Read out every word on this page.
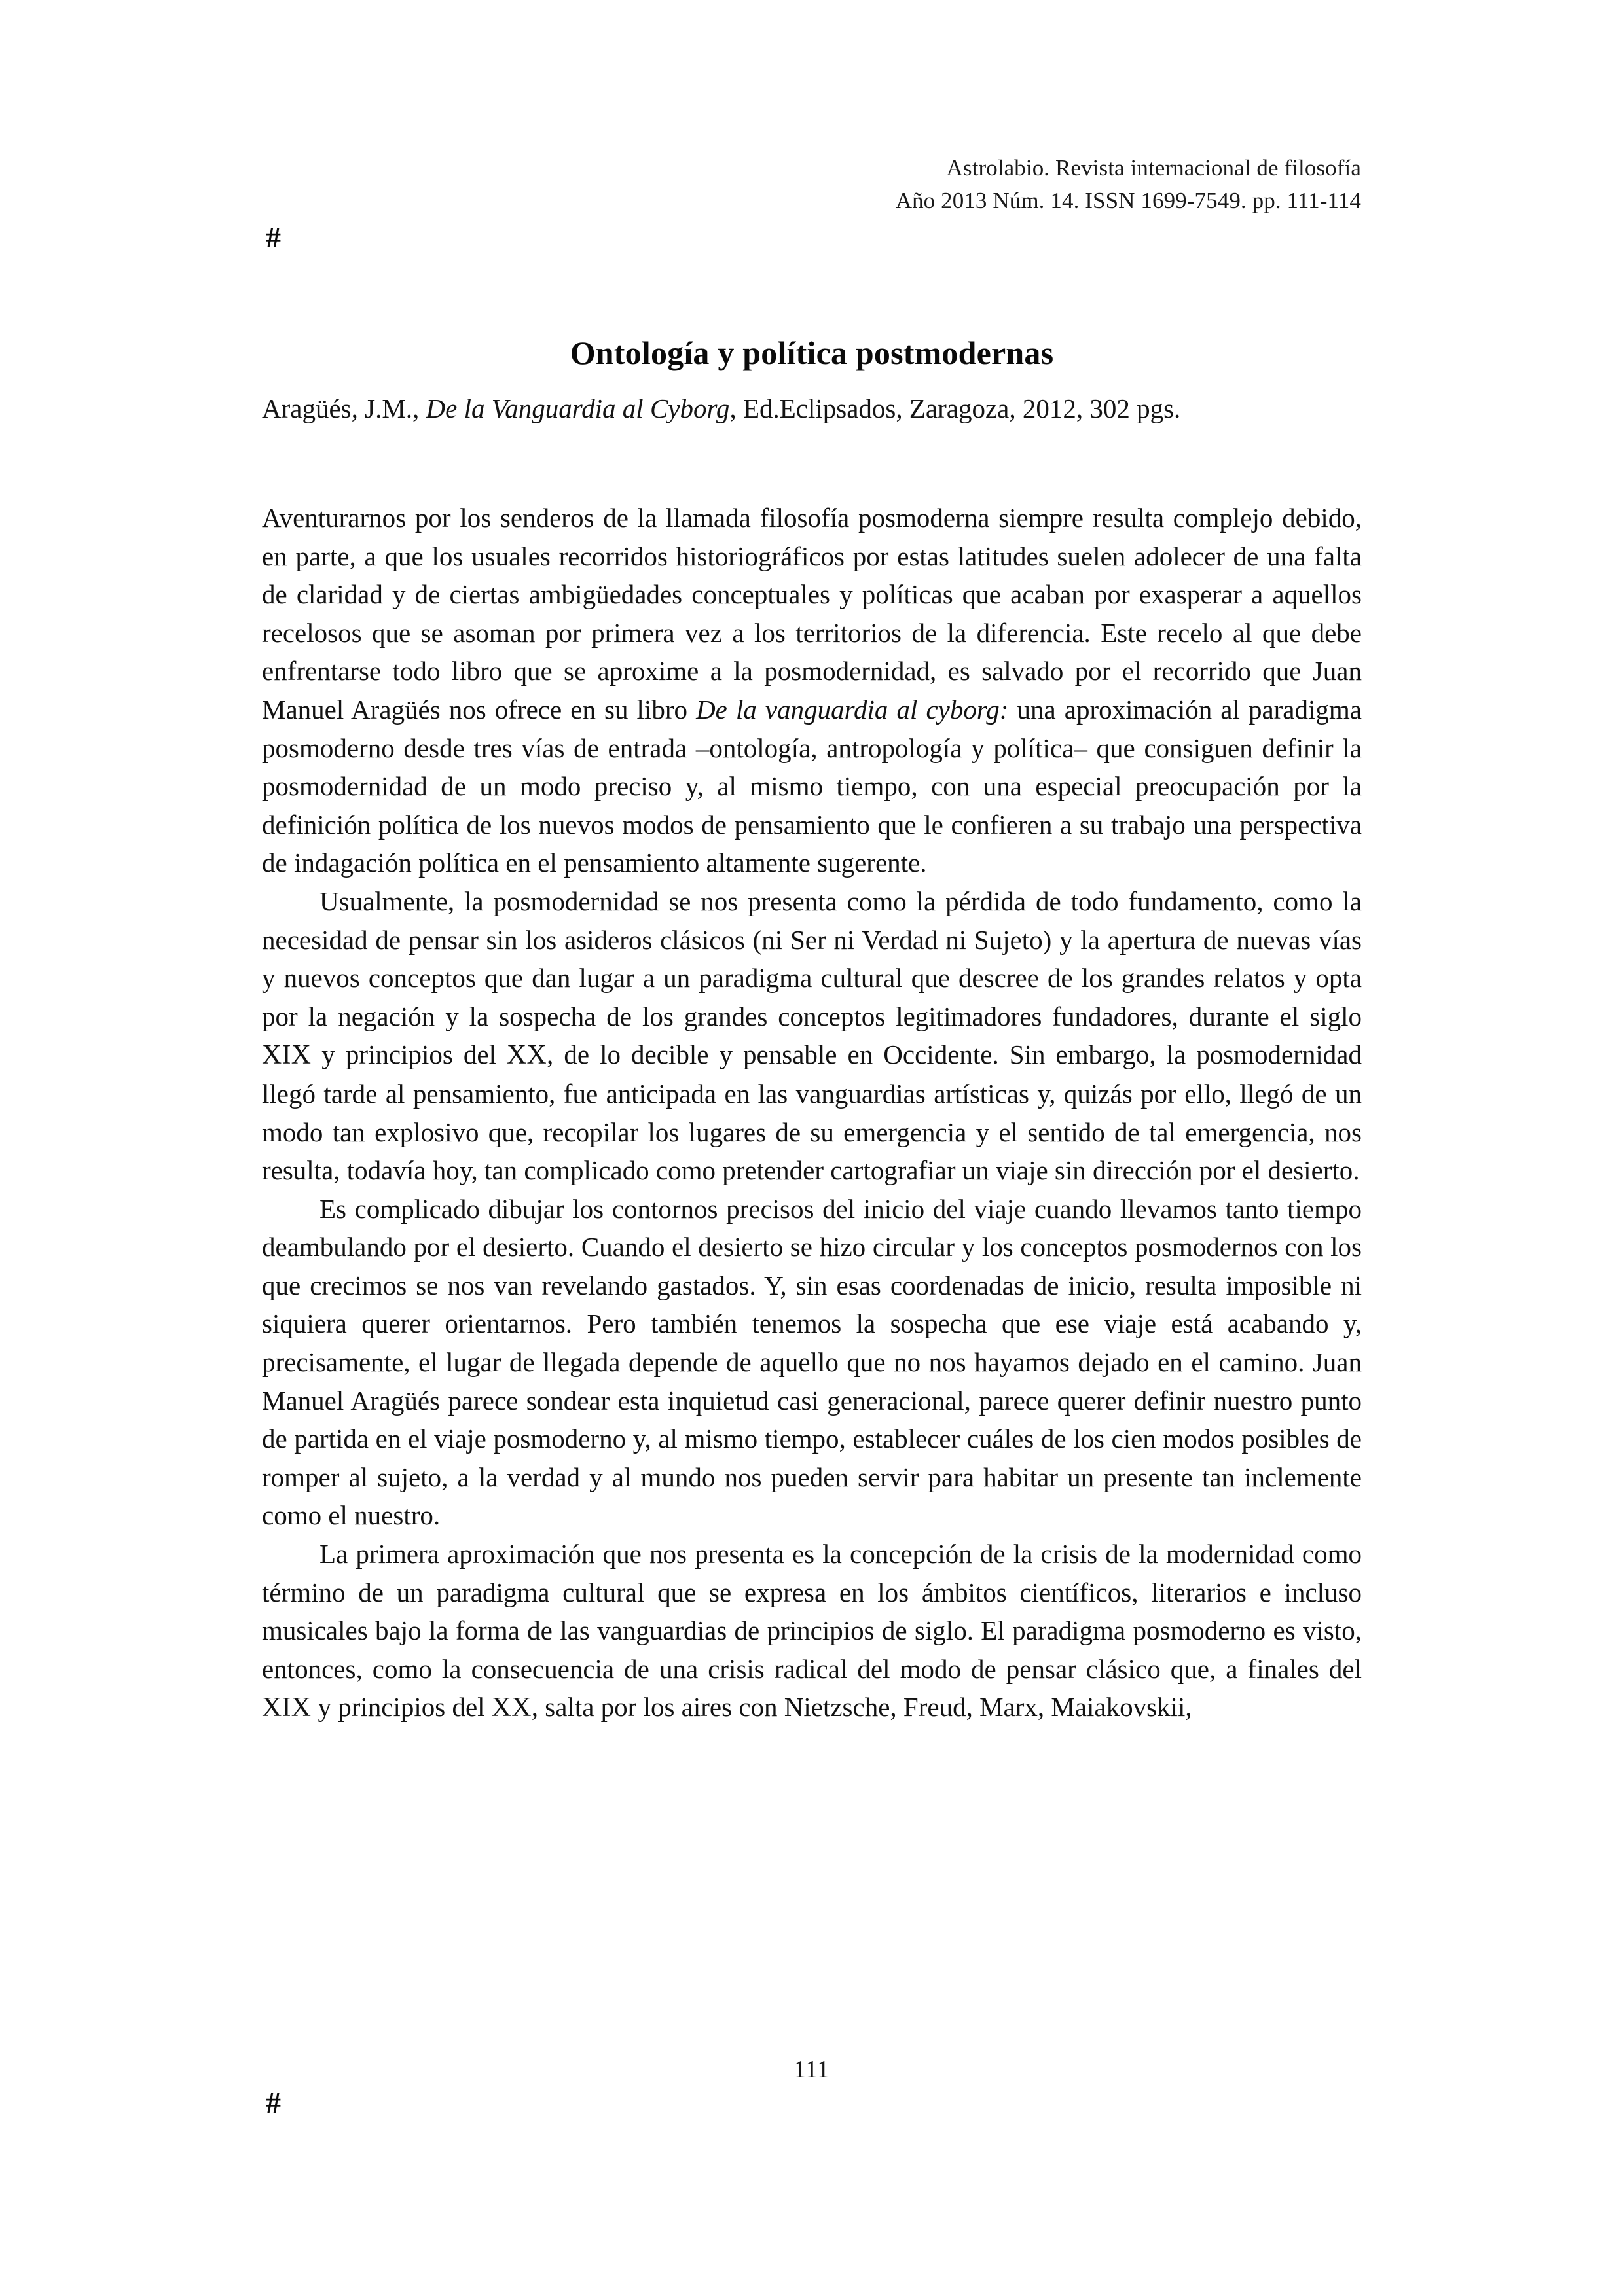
Astrolabio. Revista internacional de filosofía
Año 2013 Núm. 14. ISSN 1699-7549. pp. 111-114
#
#
Ontología y política postmodernas
Aragüés, J.M., De la Vanguardia al Cyborg, Ed.Eclipsados, Zaragoza, 2012, 302 pgs.

Aventurarnos por los senderos de la llamada filosofía posmoderna siempre resulta complejo debido, en parte, a que los usuales recorridos historiográficos por estas latitudes suelen adolecer de una falta de claridad y de ciertas ambigüedades conceptuales y políticas que acaban por exasperar a aquellos recelosos que se asoman por primera vez a los territorios de la diferencia. Este recelo al que debe enfrentarse todo libro que se aproxime a la posmodernidad, es salvado por el recorrido que Juan Manuel Aragüés nos ofrece en su libro De la vanguardia al cyborg: una aproximación al paradigma posmoderno desde tres vías de entrada –ontología, antropología y política– que consiguen definir la posmodernidad de un modo preciso y, al mismo tiempo, con una especial preocupación por la definición política de los nuevos modos de pensamiento que le confieren a su trabajo una perspectiva de indagación política en el pensamiento altamente sugerente.

Usualmente, la posmodernidad se nos presenta como la pérdida de todo fundamento, como la necesidad de pensar sin los asideros clásicos (ni Ser ni Verdad ni Sujeto) y la apertura de nuevas vías y nuevos conceptos que dan lugar a un paradigma cultural que descree de los grandes relatos y opta por la negación y la sospecha de los grandes conceptos legitimadores fundadores, durante el siglo XIX y principios del XX, de lo decible y pensable en Occidente. Sin embargo, la posmodernidad llegó tarde al pensamiento, fue anticipada en las vanguardias artísticas y, quizás por ello, llegó de un modo tan explosivo que, recopilar los lugares de su emergencia y el sentido de tal emergencia, nos resulta, todavía hoy, tan complicado como pretender cartografiar un viaje sin dirección por el desierto.

Es complicado dibujar los contornos precisos del inicio del viaje cuando llevamos tanto tiempo deambulando por el desierto. Cuando el desierto se hizo circular y los conceptos posmodernos con los que crecimos se nos van revelando gastados. Y, sin esas coordenadas de inicio, resulta imposible ni siquiera querer orientarnos. Pero también tenemos la sospecha que ese viaje está acabando y, precisamente, el lugar de llegada depende de aquello que no nos hayamos dejado en el camino. Juan Manuel Aragüés parece sondear esta inquietud casi generacional, parece querer definir nuestro punto de partida en el viaje posmoderno y, al mismo tiempo, establecer cuáles de los cien modos posibles de romper al sujeto, a la verdad y al mundo nos pueden servir para habitar un presente tan inclemente como el nuestro.

La primera aproximación que nos presenta es la concepción de la crisis de la modernidad como término de un paradigma cultural que se expresa en los ámbitos científicos, literarios e incluso musicales bajo la forma de las vanguardias de principios de siglo. El paradigma posmoderno es visto, entonces, como la consecuencia de una crisis radical del modo de pensar clásico que, a finales del XIX y principios del XX, salta por los aires con Nietzsche, Freud, Marx, Maiakovskii,

111
